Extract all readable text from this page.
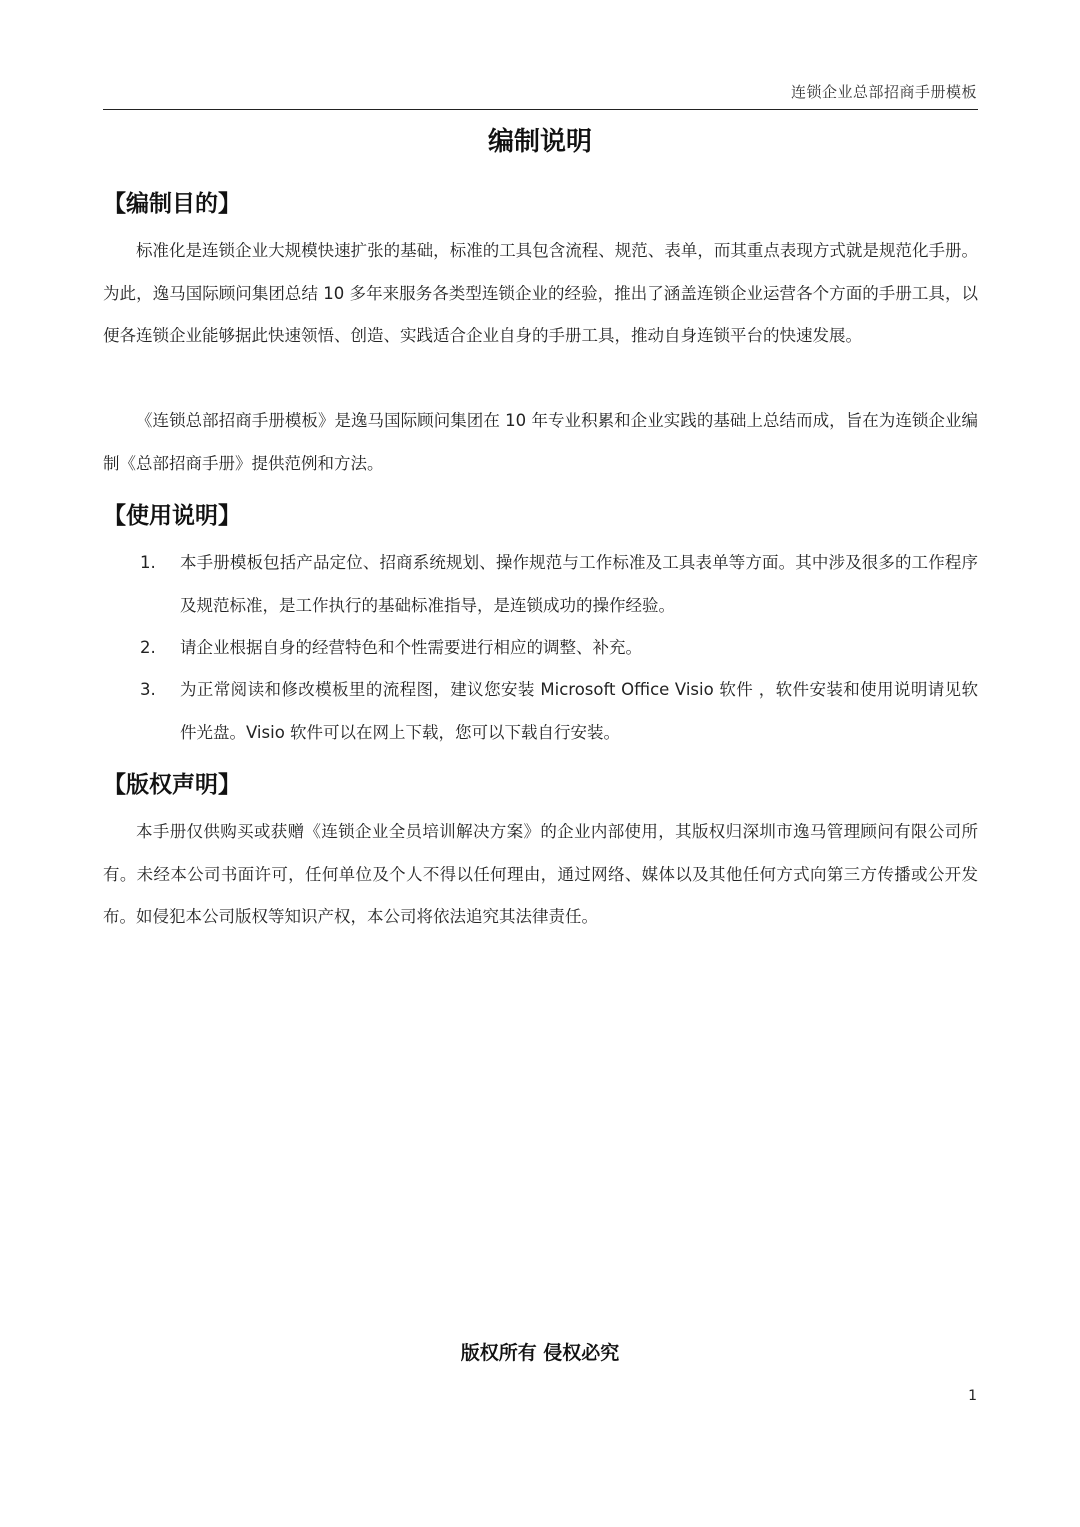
连锁企业总部招商手册模板
编制说明
【编制目的】

标准化是连锁企业大规模快速扩张的基础，标准的工具包含流程、规范、表单，而其重点表现方式就是规范化手册。为此，逸马国际顾问集团总结 10 多年来服务各类型连锁企业的经验，推出了涵盖连锁企业运营各个方面的手册工具，以便各连锁企业能够据此快速领悟、创造、实践适合企业自身的手册工具，推动自身连锁平台的快速发展。

《连锁总部招商手册模板》是逸马国际顾问集团在 10 年专业积累和企业实践的基础上总结而成，旨在为连锁企业编制《总部招商手册》提供范例和方法。

【使用说明】
1.	本手册模板包括产品定位、招商系统规划、操作规范与工作标准及工具表单等方面。其中涉及很多的工作程序及规范标准，是工作执行的基础标准指导，是连锁成功的操作经验。
2.	请企业根据自身的经营特色和个性需要进行相应的调整、补充。
3.	为正常阅读和修改模板里的流程图，建议您安装 Microsoft Office Visio 软件 ，软件安装和使用说明请见软件光盘。Visio 软件可以在网上下载，您可以下载自行安装。
【版权声明】

本手册仅供购买或获赠《连锁企业全员培训解决方案》的企业内部使用，其版权归深圳市逸马管理顾问有限公司所有。未经本公司书面许可，任何单位及个人不得以任何理由，通过网络、媒体以及其他任何方式向第三方传播或公开发布。如侵犯本公司版权等知识产权，本公司将依法追究其法律责任。

版权所有 侵权必究
1
